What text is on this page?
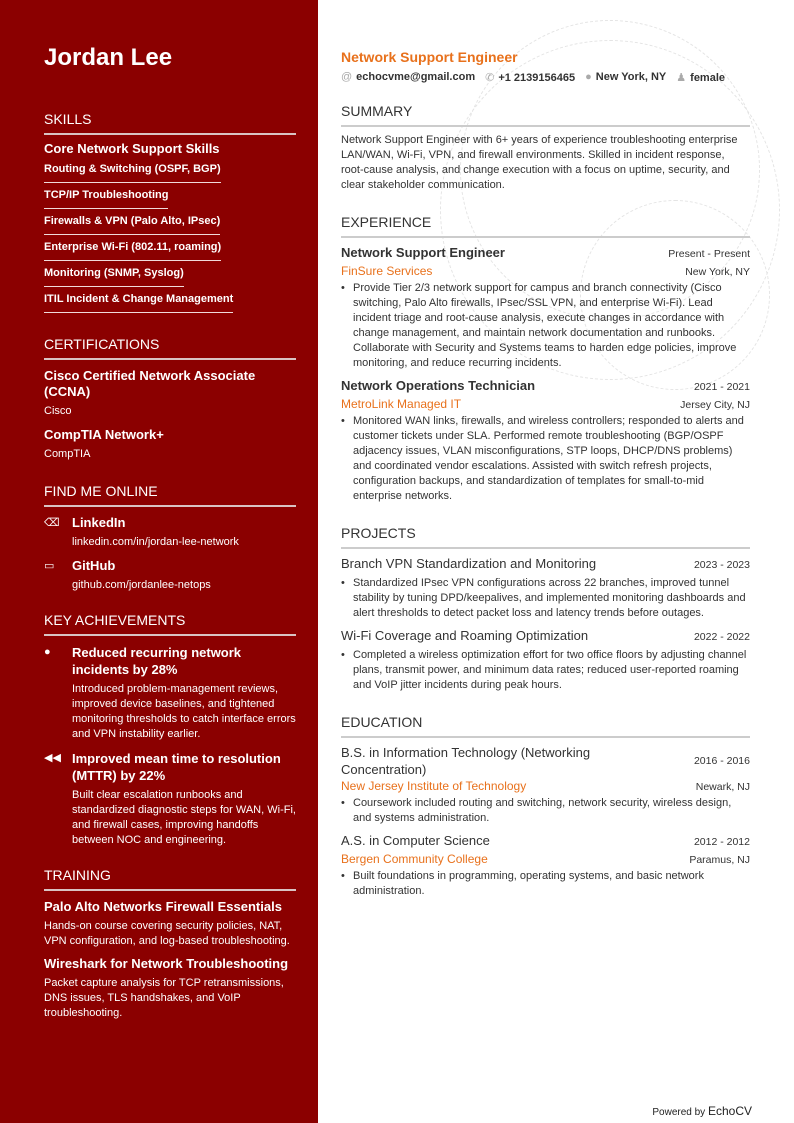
Jordan Lee
SKILLS
Core Network Support Skills
Routing & Switching (OSPF, BGP)
TCP/IP Troubleshooting
Firewalls & VPN (Palo Alto, IPsec)
Enterprise Wi-Fi (802.11, roaming)
Monitoring (SNMP, Syslog)
ITIL Incident & Change Management
CERTIFICATIONS
Cisco Certified Network Associate (CCNA)
Cisco
CompTIA Network+
CompTIA
FIND ME ONLINE
⌫ LinkedIn
linkedin.com/in/jordan-lee-network
▭	GitHub
github.com/jordanlee-netops
KEY ACHIEVEMENTS
●	Reduced recurring network incidents by 28%
Introduced problem-management reviews, improved device baselines, and tightened monitoring thresholds to catch interface errors and VPN instability earlier.
◀◀ Improved mean time to resolution (MTTR) by 22%
Built clear escalation runbooks and standardized diagnostic steps for WAN, Wi-Fi, and firewall cases, improving handoffs between NOC and engineering.
TRAINING
Palo Alto Networks Firewall Essentials
Hands-on course covering security policies, NAT, VPN configuration, and log-based troubleshooting.
Wireshark for Network Troubleshooting
Packet capture analysis for TCP retransmissions, DNS issues, TLS handshakes, and VoIP troubleshooting.
Network Support Engineer
@ echocvme@gmail.com ✆ +1 2139156465 ● New York, NY ♟ female
SUMMARY
Network Support Engineer with 6+ years of experience troubleshooting enterprise LAN/WAN, Wi-Fi, VPN, and firewall environments. Skilled in incident response, root-cause analysis, and change execution with a focus on uptime, security, and clear stakeholder communication.
EXPERIENCE
Network Support Engineer	Present - Present
FinSure Services	New York, NY
• Provide Tier 2/3 network support for campus and branch connectivity (Cisco switching, Palo Alto firewalls, IPsec/SSL VPN, and enterprise Wi-Fi). Lead incident triage and root-cause analysis, execute changes in accordance with change management, and maintain network documentation and runbooks. Collaborate with Security and Systems teams to harden edge policies, improve monitoring, and reduce recurring incidents.
Network Operations Technician	2021 - 2021
MetroLink Managed IT	Jersey City, NJ
• Monitored WAN links, firewalls, and wireless controllers; responded to alerts and customer tickets under SLA. Performed remote troubleshooting (BGP/OSPF adjacency issues, VLAN misconfigurations, STP loops, DHCP/DNS problems) and coordinated vendor escalations. Assisted with switch refresh projects, configuration backups, and standardization of templates for small-to-mid enterprise networks.
PROJECTS
Branch VPN Standardization and Monitoring	2023 - 2023
• Standardized IPsec VPN configurations across 22 branches, improved tunnel stability by tuning DPD/keepalives, and implemented monitoring dashboards and alert thresholds to detect packet loss and latency trends before outages.
Wi-Fi Coverage and Roaming Optimization	2022 - 2022
• Completed a wireless optimization effort for two office floors by adjusting channel plans, transmit power, and minimum data rates; reduced user-reported roaming and VoIP jitter incidents during peak hours.
EDUCATION
B.S. in Information Technology (Networking Concentration)
2016 - 2016
New Jersey Institute of Technology	Newark, NJ
• Coursework included routing and switching, network security, wireless design, and systems administration.
A.S. in Computer Science	2012 - 2012
Bergen Community College	Paramus, NJ
• Built foundations in programming, operating systems, and basic network administration.
Powered by EchoCV
